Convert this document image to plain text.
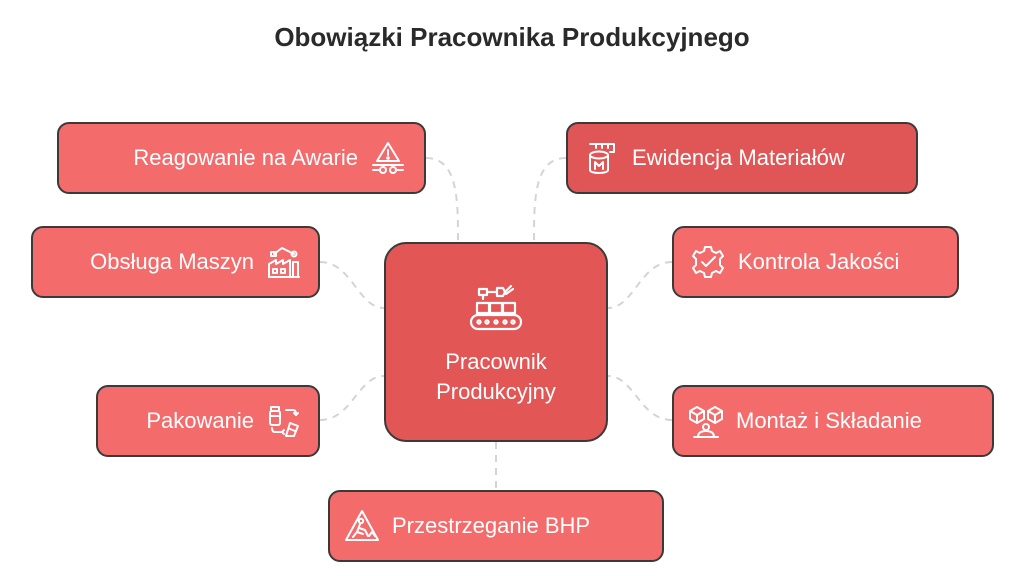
Obowiązki Pracownika Produkcyjnego
Reagowanie na Awarie	Ewidencja Materiałów
Obsługa Maszyn	Kontrola Jakości
Pakowanie	Montaż i Składanie
Przestrzeganie BHP
Pracownik
Produkcyjny
